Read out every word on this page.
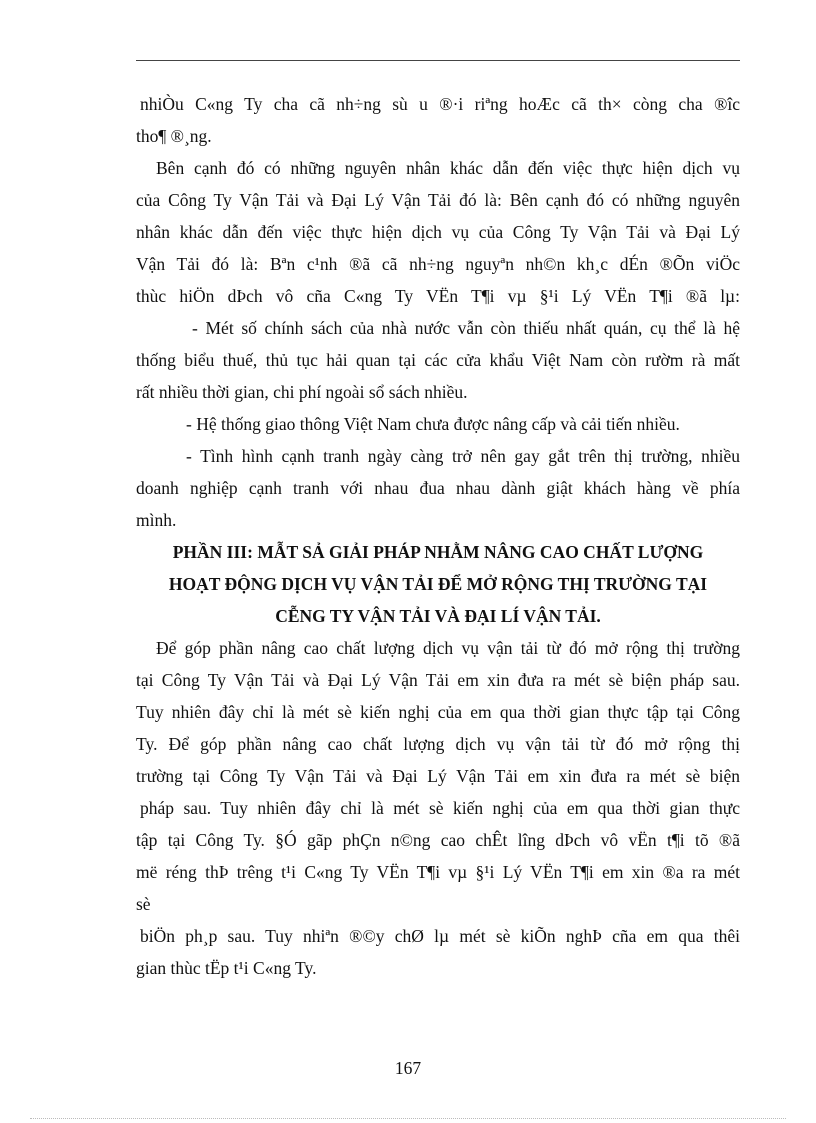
nhiÒu C«ng Ty cha cã nh÷ng sù u ®·i riªng hoÆc cã th× còng cha ®îc
tho¶ ®¸ng.
Bên cạnh đó có những nguyên nhân khác dẫn đến việc thực hiện dịch vụ
của Công Ty Vận Tải và Đại Lý Vận Tải đó là: Bên cạnh đó có những nguyên
nhân khác dẫn đến việc thực hiện dịch vụ của Công Ty Vận Tải và Đại Lý
Vận Tải đó là: Bªn c¹nh ®ã cã nh÷ng nguyªn nh©n kh¸c dÉn ®Õn viÖc
thùc hiÖn dÞch vô cña C«ng Ty VËn T¶i vµ §¹i Lý VËn T¶i ®ã lµ:
- Mét số chính sách của nhà nước vẫn còn thiếu nhất quán, cụ thể là hệ
thống biểu thuế, thủ tục hải quan tại các cửa khẩu Việt Nam còn rườm rà mất
rất nhiều thời gian, chi phí ngoài sổ sách nhiều.
- Hệ thống giao thông Việt Nam chưa được nâng cấp và cải tiến nhiều.
- Tình hình cạnh tranh ngày càng trở nên gay gắt trên thị trường, nhiều
doanh nghiệp cạnh tranh với nhau đua nhau dành giật khách hàng về phía
mình.
PHẦN III: MẪT SẢ GIẢI PHÁP NHẰM NÂNG CAO CHẤT LƯỢNG
HOẠT ĐỘNG DỊCH VỤ VẬN TẢI ĐỂ MỞ RỘNG THỊ TRƯỜNG TẠI
CỄNG TY VẬN TẢI VÀ ĐẠI LÍ VẬN TẢI.
Để góp phần nâng cao chất lượng dịch vụ vận tải từ đó mở rộng thị trường
tại Công Ty Vận Tải và Đại Lý Vận Tải em xin đưa ra mét sè biện pháp sau.
Tuy nhiên đây chỉ là mét sè kiến nghị của em qua thời gian thực tập tại Công
Ty. Để góp phần nâng cao chất lượng dịch vụ vận tải từ đó mở rộng thị
trường tại Công Ty Vận Tải và Đại Lý Vận Tải em xin đưa ra mét sè biện
pháp sau. Tuy nhiên đây chỉ là mét sè kiến nghị của em qua thời gian thực
tập tại Công Ty. §Ó gãp phÇn n©ng cao chÊt lîng dÞch vô vËn t¶i tõ ®ã
më réng thÞ trêng t¹i C«ng Ty VËn T¶i vµ §¹i Lý VËn T¶i em xin ®a ra mét
sè
biÖn ph¸p sau. Tuy nhiªn ®©y chØ lµ mét sè kiÕn nghÞ cña em qua thêi
gian thùc tËp t¹i C«ng Ty.
167
